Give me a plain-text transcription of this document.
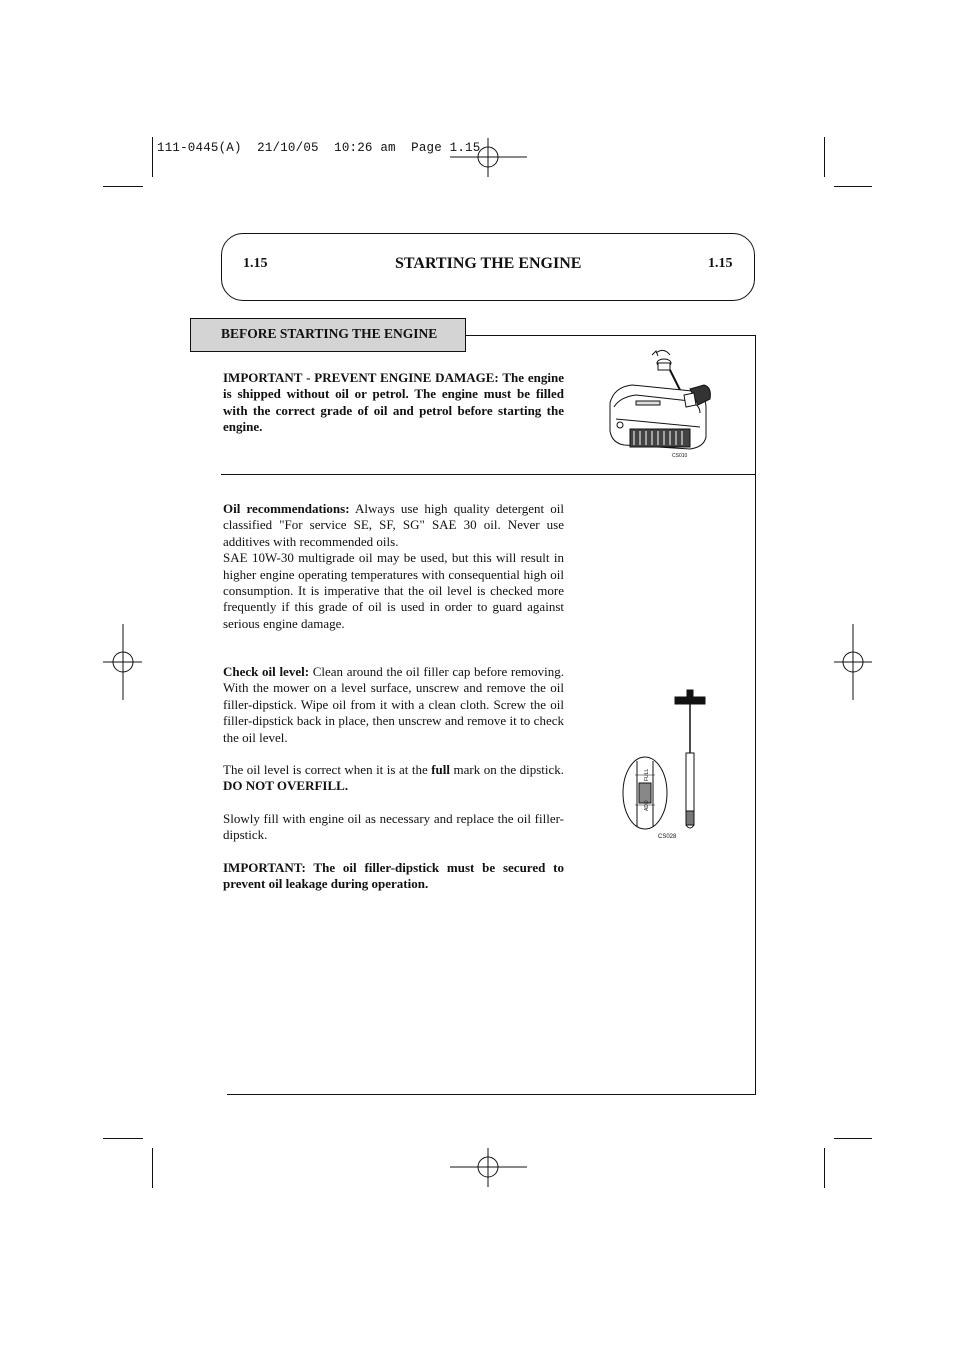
111-0445(A)  21/10/05  10:26 am  Page 1.15
1.15	STARTING THE ENGINE	1.15
BEFORE STARTING THE ENGINE
IMPORTANT - PREVENT ENGINE DAMAGE: The engine is shipped without oil or petrol. The engine must be filled with the correct grade of oil and petrol before starting the engine.
Oil recommendations: Always use high quality detergent oil classified "For service SE, SF, SG" SAE 30 oil. Never use additives with recommended oils.
SAE 10W-30 multigrade oil may be used, but this will result in higher engine operating temperatures with consequential high oil consumption. It is imperative that the oil level is checked more frequently if this grade of oil is used in order to guard against serious engine damage.
Check oil level: Clean around the oil filler cap before removing. With the mower on a level surface, unscrew and remove the oil filler-dipstick. Wipe oil from it with a clean cloth. Screw the oil filler-dipstick back in place, then unscrew and remove it to check the oil level.
The oil level is correct when it is at the full mark on the dipstick. DO NOT OVERFILL.
Slowly fill with engine oil as necessary and replace the oil filler-dipstick.
IMPORTANT: The oil filler-dipstick must be secured to prevent oil leakage during operation.
CS010
FULL
ADD
CS028
